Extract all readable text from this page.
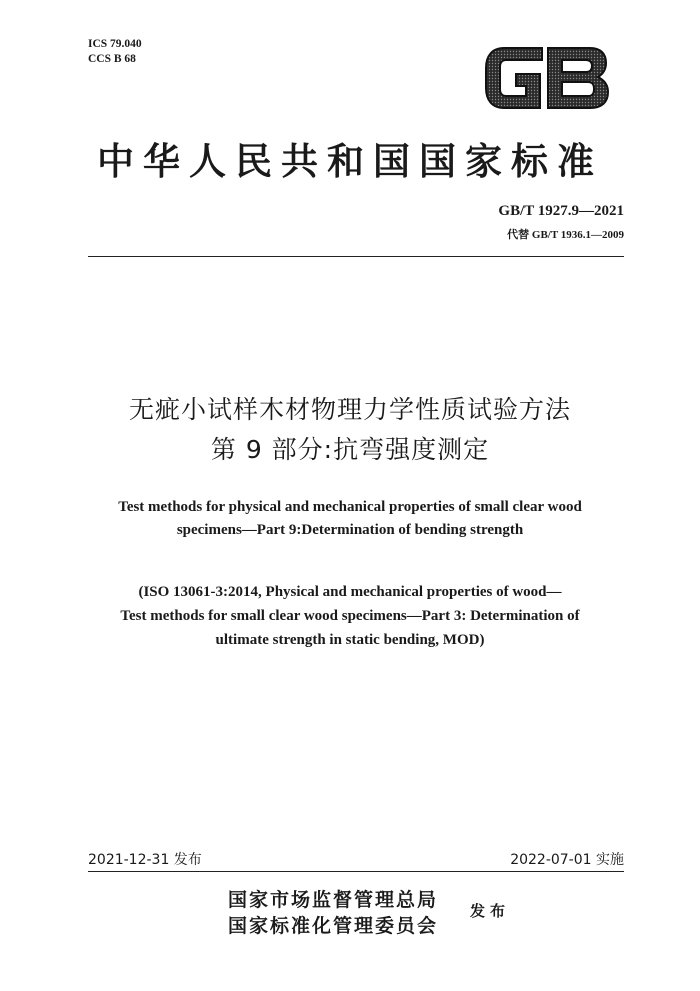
ICS 79.040
CCS B 68
中华人民共和国国家标准
GB/T 1927.9—2021
代替 GB/T 1936.1—2009
无疵小试样木材物理力学性质试验方法
第 9 部分:抗弯强度测定
Test methods for physical and mechanical properties of small clear wood
specimens—Part 9:Determination of bending strength
(ISO 13061-3:2014, Physical and mechanical properties of wood—
Test methods for small clear wood specimens—Part 3: Determination of
ultimate strength in static bending, MOD)
2021-12-31 发布	2022-07-01 实施
国家市场监督管理总局
国家标准化管理委员会
发布
